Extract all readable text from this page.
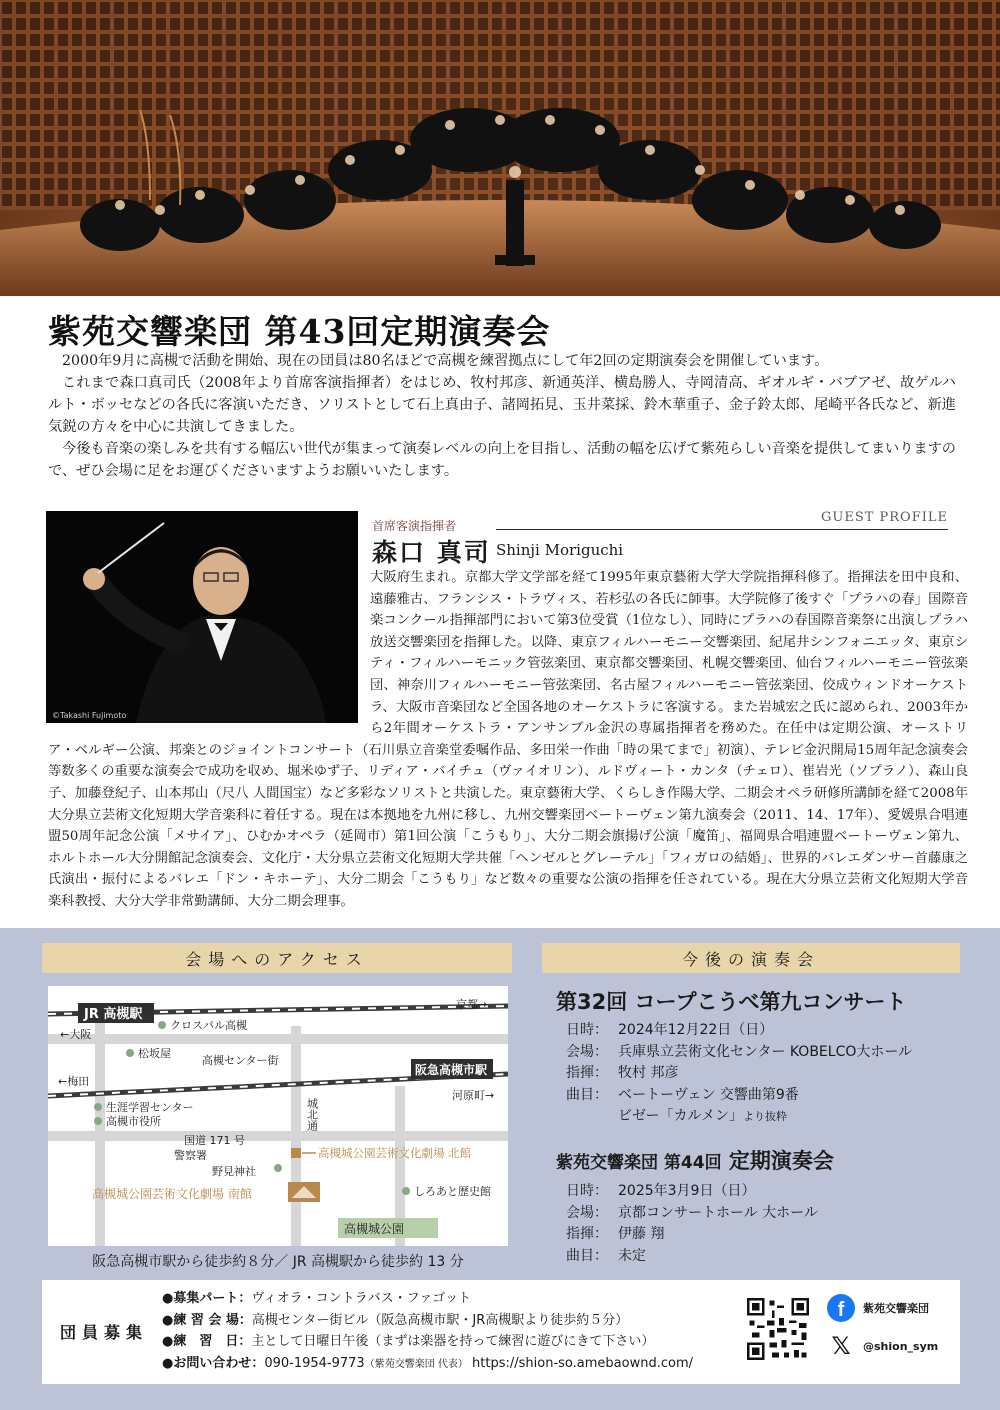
紫苑交響楽団 第43回定期演奏会

2000年9月に高槻で活動を開始、現在の団員は80名ほどで高槻を練習拠点にして年2回の定期演奏会を開催しています。

これまで森口真司氏（2008年より首席客演指揮者）をはじめ、牧村邦彦、新通英洋、横島勝人、寺岡清高、ギオルギ・バブアゼ、故ゲルハルト・ボッセなどの各氏に客演いただき、ソリストとして石上真由子、諸岡拓見、玉井菜採、鈴木華重子、金子鈴太郎、尾崎平各氏など、新進気鋭の方々を中心に共演してきました。

今後も音楽の楽しみを共有する幅広い世代が集まって演奏レベルの向上を目指し、活動の幅を広げて紫苑らしい音楽を提供してまいりますので、ぜひ会場に足をお運びくださいますようお願いいたします。

©Takashi Fujimoto
首席客演指揮者
GUEST PROFILE
森口 真司 Shinji Moriguchi
大阪府生まれ。京都大学文学部を経て1995年東京藝術大学大学院指揮科修了。指揮法を田中良和、遠藤雅古、フランシス・トラヴィス、若杉弘の各氏に師事。大学院修了後すぐ「プラハの春」国際音楽コンクール指揮部門において第3位受賞（1位なし）、同時にプラハの春国際音楽祭に出演しプラハ放送交響楽団を指揮した。以降、東京フィルハーモニー交響楽団、紀尾井シンフォニエッタ、東京シティ・フィルハーモニック管弦楽団、東京都交響楽団、札幌交響楽団、仙台フィルハーモニー管弦楽団、神奈川フィルハーモニー管弦楽団、名古屋フィルハーモニー管弦楽団、佼成ウィンドオーケストラ、大阪市音楽団など全国各地のオーケストラに客演する。また岩城宏之氏に認められ、2003年から2年間オーケストラ・アンサンブル金沢の専属指揮者を務めた。在任中は定期公演、オーストリア・ベルギー公演、邦楽とのジョイントコンサート（石川県立音楽堂委嘱作品、多田栄一作曲「時の果てまで」初演）、テレビ金沢開局15周年記念演奏会等数多くの重要な演奏会で成功を収め、堀米ゆず子、リディア・バイチュ（ヴァイオリン）、ルドヴィート・カンタ（チェロ）、崔岩光（ソプラノ）、森山良子、加藤登紀子、山本邦山（尺八 人間国宝）など多彩なソリストと共演した。東京藝術大学、くらしき作陽大学、二期会オペラ研修所講師を経て2008年大分県立芸術文化短期大学音楽科に着任する。現在は本拠地を九州に移し、九州交響楽団ベートーヴェン第九演奏会（2011、14、17年）、愛媛県合唱連盟50周年記念公演「メサイア」、ひむかオペラ（延岡市）第1回公演「こうもり」、大分二期会旗揚げ公演「魔笛」、福岡県合唱連盟ベートーヴェン第九、ホルトホール大分開館記念演奏会、文化庁・大分県立芸術文化短期大学共催「ヘンゼルとグレーテル」「フィガロの結婚」、世界的バレエダンサー首藤康之氏演出・振付によるバレエ「ドン・キホーテ」、大分二期会「こうもり」など数々の重要な公演の指揮を任されている。現在大分県立芸術文化短期大学音楽科教授、大分大学非常勤講師、大分二期会理事。
会場へのアクセス	今後の演奏会
JR 高槻駅
阪急高槻市駅
京都→
←大阪
←梅田
河原町→
クロスパル高槻
松坂屋
高槻センター街
生涯学習センター
高槻市役所	城北通
国道 171 号
警察署	高槻城公園芸術文化劇場 北館
野見神社
高槻城公園芸術文化劇場 南館	しろあと歴史館
高槻城公園
阪急高槻市駅から徒歩約８分／ JR 高槻駅から徒歩約 13 分
第32回 コープこうべ第九コンサート
日時： 2024年12月22日（日）
会場： 兵庫県立芸術文化センター KOBELCO大ホール
指揮： 牧村 邦彦
曲目： ベートーヴェン 交響曲第9番
ビゼー「カルメン」より抜粋
紫苑交響楽団 第44回 定期演奏会
日時： 2025年3月9日（日）
会場： 京都コンサートホール 大ホール
指揮： 伊藤 翔
曲目： 未定
団員募集
●募集パート：ヴィオラ・コントラバス・ファゴット
●練 習 会 場：高槻センター街ビル（阪急高槻市駅・JR高槻駅より徒歩約５分）
●練　習　日：主として日曜日午後（まずは楽器を持って練習に遊びにきて下さい）
●お問い合わせ：090-1954-9773（紫苑交響楽団 代表） https://shion-so.amebaownd.com/
f	紫苑交響楽団
𝕏	@shion_sym
